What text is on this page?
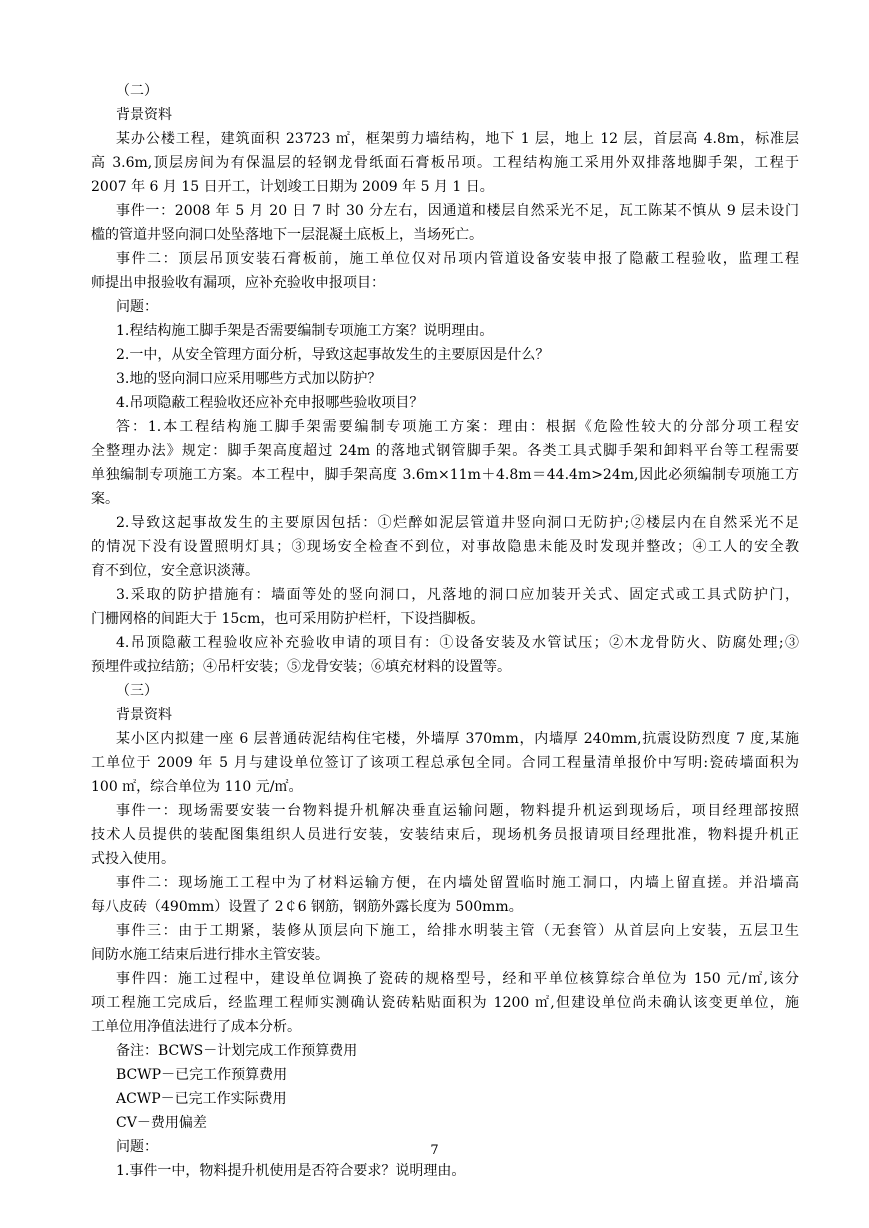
（二）
背景资料
某办公楼工程，建筑面积 23723 ㎡，框架剪力墙结构，地下 1 层，地上 12 层，首层高 4.8m，标准层
高 3.6m,顶层房间为有保温层的轻钢龙骨纸面石膏板吊项。工程结构施工采用外双排落地脚手架，工程于
2007 年 6 月 15 日开工，计划竣工日期为 2009 年 5 月 1 日。
事件一：2008 年 5 月 20 日 7 时 30 分左右，因通道和楼层自然采光不足，瓦工陈某不慎从 9 层未设门
槛的管道井竖向洞口处坠落地下一层混凝土底板上，当场死亡。
事件二：顶层吊顶安装石膏板前，施工单位仅对吊项内管道设备安装申报了隐蔽工程验收，监理工程
师提出申报验收有漏项，应补充验收申报项目：
问题：
1.程结构施工脚手架是否需要编制专项施工方案？说明理由。
2.一中，从安全管理方面分析，导致这起事故发生的主要原因是什么？
3.地的竖向洞口应采用哪些方式加以防护？
4.吊项隐蔽工程验收还应补充申报哪些验收项目？
答：1.本工程结构施工脚手架需要编制专项施工方案：理由：根据《危险性较大的分部分项工程安
全整理办法》规定：脚手架高度超过 24m 的落地式钢管脚手架。各类工具式脚手架和卸料平台等工程需要
单独编制专项施工方案。本工程中，脚手架高度 3.6m×11m＋4.8m＝44.4m>24m,因此必须编制专项施工方
案。
2.导致这起事故发生的主要原因包括：①烂醉如泥层管道井竖向洞口无防护;②楼层内在自然采光不足
的情况下没有设置照明灯具；③现场安全检查不到位，对事故隐患未能及时发现并整改；④工人的安全教
育不到位，安全意识淡薄。
3.采取的防护措施有：墙面等处的竖向洞口，凡落地的洞口应加装开关式、固定式或工具式防护门，
门栅网格的间距大于 15cm，也可采用防护栏杆，下设挡脚板。
4.吊顶隐蔽工程验收应补充验收申请的项目有：①设备安装及水管试压；②木龙骨防火、防腐处理;③
预埋件或拉结筋；④吊杆安装；⑤龙骨安装；⑥填充材料的设置等。
（三）
背景资料
某小区内拟建一座 6 层普通砖泥结构住宅楼，外墙厚 370mm，内墙厚 240mm,抗震设防烈度 7 度,某施
工单位于 2009 年 5 月与建设单位签订了该项工程总承包全同。合同工程量清单报价中写明:瓷砖墙面积为
100 ㎡，综合单位为 110 元/㎡。
事件一：现场需要安装一台物料提升机解决垂直运输问题，物料提升机运到现场后，项目经理部按照
技术人员提供的装配图集组织人员进行安装，安装结束后，现场机务员报请项目经理批准，物料提升机正
式投入使用。
事件二：现场施工工程中为了材料运输方便，在内墙处留置临时施工洞口，内墙上留直搓。并沿墙高
每八皮砖（490mm）设置了 2￠6 钢筋，钢筋外露长度为 500mm。
事件三：由于工期紧，装修从顶层向下施工，给排水明装主管（无套管）从首层向上安装，五层卫生
间防水施工结束后进行排水主管安装。
事件四：施工过程中，建设单位调换了瓷砖的规格型号，经和平单位核算综合单位为 150 元/㎡,该分
项工程施工完成后，经监理工程师实测确认瓷砖粘贴面积为 1200 ㎡,但建设单位尚未确认该变更单位，施
工单位用净值法进行了成本分析。
备注：BCWS－计划完成工作预算费用
BCWP－已完工作预算费用
ACWP－已完工作实际费用
CV－费用偏差
问题：
1.事件一中，物料提升机使用是否符合要求？说明理由。
7
